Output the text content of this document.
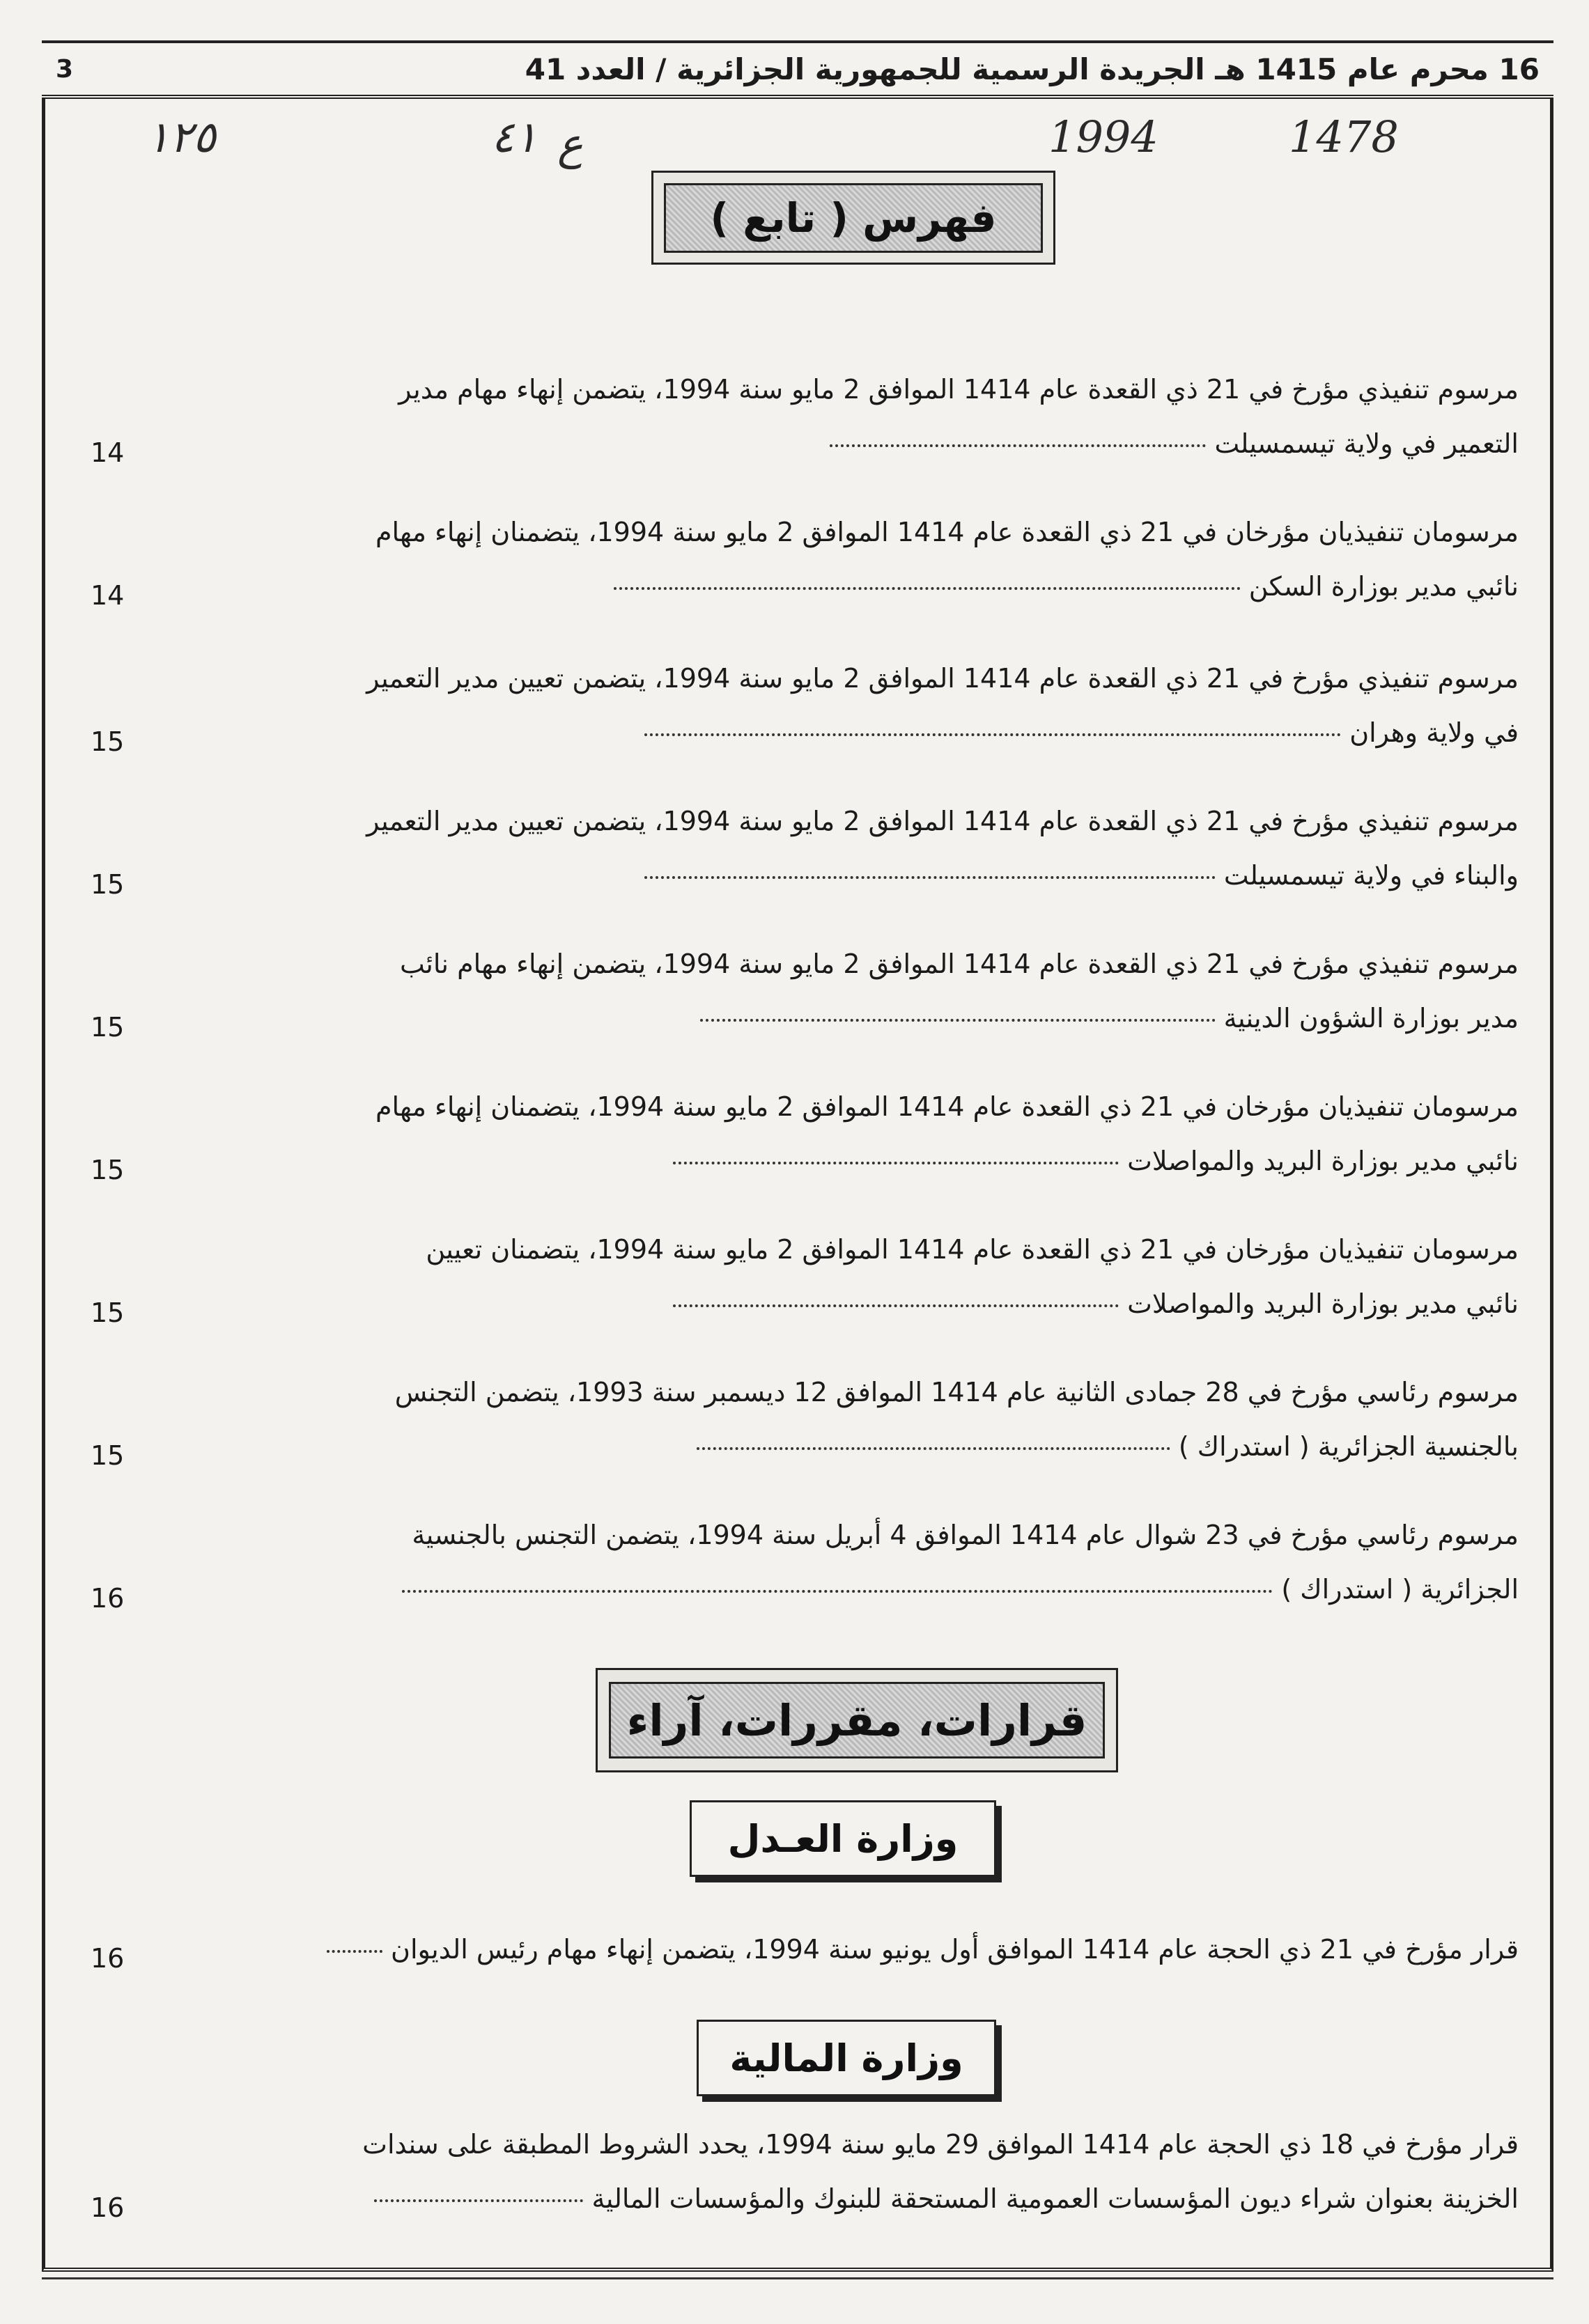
3	16 محرم عام 1415 هـ الجريدة الرسمية للجمهورية الجزائرية / العدد 41
١٢٥	٤١ ع	1994	1478
فهرس ( تابع )
مرسوم تنفيذي مؤرخ في 21 ذي القعدة عام 1414 الموافق 2 مايو سنة 1994، يتضمن إنهاء مهام مدير
التعمير في ولاية تيسمسيلت
14
مرسومان تنفيذيان مؤرخان في 21 ذي القعدة عام 1414 الموافق 2 مايو سنة 1994، يتضمنان إنهاء مهام
نائبي مدير بوزارة السكن
14
مرسوم تنفيذي مؤرخ في 21 ذي القعدة عام 1414 الموافق 2 مايو سنة 1994، يتضمن تعيين مدير التعمير
في ولاية وهران
15
مرسوم تنفيذي مؤرخ في 21 ذي القعدة عام 1414 الموافق 2 مايو سنة 1994، يتضمن تعيين مدير التعمير
والبناء في ولاية تيسمسيلت
15
مرسوم تنفيذي مؤرخ في 21 ذي القعدة عام 1414 الموافق 2 مايو سنة 1994، يتضمن إنهاء مهام نائب
مدير بوزارة الشؤون الدينية
15
مرسومان تنفيذيان مؤرخان في 21 ذي القعدة عام 1414 الموافق 2 مايو سنة 1994، يتضمنان إنهاء مهام
نائبي مدير بوزارة البريد والمواصلات
15
مرسومان تنفيذيان مؤرخان في 21 ذي القعدة عام 1414 الموافق 2 مايو سنة 1994، يتضمنان تعيين
نائبي مدير بوزارة البريد والمواصلات
15
مرسوم رئاسي مؤرخ في 28 جمادى الثانية عام 1414 الموافق 12 ديسمبر سنة 1993، يتضمن التجنس
بالجنسية الجزائرية ( استدراك )
15
مرسوم رئاسي مؤرخ في 23 شوال عام 1414 الموافق 4 أبريل سنة 1994، يتضمن التجنس بالجنسية
الجزائرية ( استدراك )
16
قرارات، مقررات، آراء
وزارة العـدل
قرار مؤرخ في 21 ذي الحجة عام 1414 الموافق أول يونيو سنة 1994، يتضمن إنهاء مهام رئيس الديوان
16
وزارة المالية
قرار مؤرخ في 18 ذي الحجة عام 1414 الموافق 29 مايو سنة 1994، يحدد الشروط المطبقة على سندات
الخزينة بعنوان شراء ديون المؤسسات العمومية المستحقة للبنوك والمؤسسات المالية
16
